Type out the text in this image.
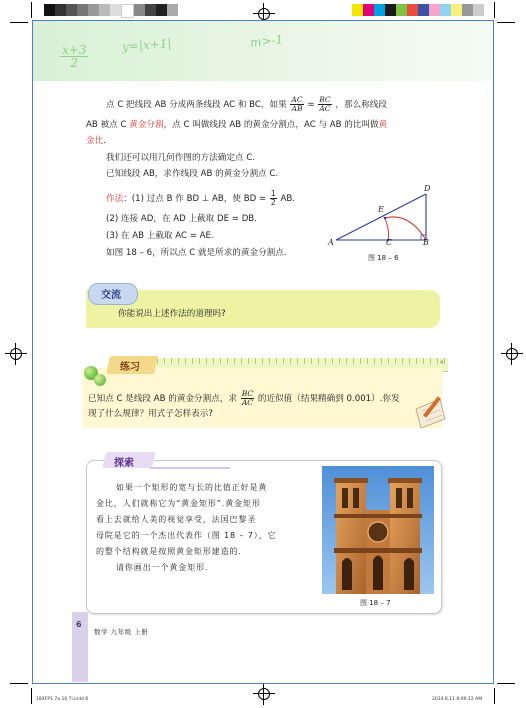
x+3
2
y=|x+1|	m>-1
点 C 把线段 AB 分成两条线段 AC 和 BC，如果 $\frac{AC}{AB} = \frac{BC}{AC}$ ，那么称线段
AB 被点 C 黄金分割，点 C 叫做线段 AB 的黄金分割点，AC 与 AB 的比叫做黄
金比.
我们还可以用几何作图的方法确定点 C.
已知线段 AB，求作线段 AB 的黄金分割点 C.
作法：(1) 过点 B 作 BD ⊥ AB，使 BD = $\frac{1}{2}$ AB.
(2) 连接 AD，在 AD 上截取 DE = DB.
(3) 在 AB 上截取 AC = AE.
如图 18 – 6，所以点 C 就是所求的黄金分割点.
A	C	B
D
E
图 18 – 6
交流
你能说出上述作法的道理吗?
练习	4
已知点 C 是线段 AB 的黄金分割点，求 $\frac{BC}{AC}$ 的近似值（结果精确到 0.001）.你发
现了什么规律？用式子怎样表示?
探索
如果一个矩形的宽与长的比值正好是黄
金比，人们就称它为“黄金矩形”.黄金矩形
看上去就给人美的视觉享受，法国巴黎圣
母院是它的一个杰出代表作（图 18 – 7），它
的整个结构就是按照黄金矩形建造的.
请你画出一个黄金矩形.
图 18 – 7
6
数学 九年级 上册
18XFP1 7a 10 7i.indd 6	2014.8.11 8:09:12 AM
